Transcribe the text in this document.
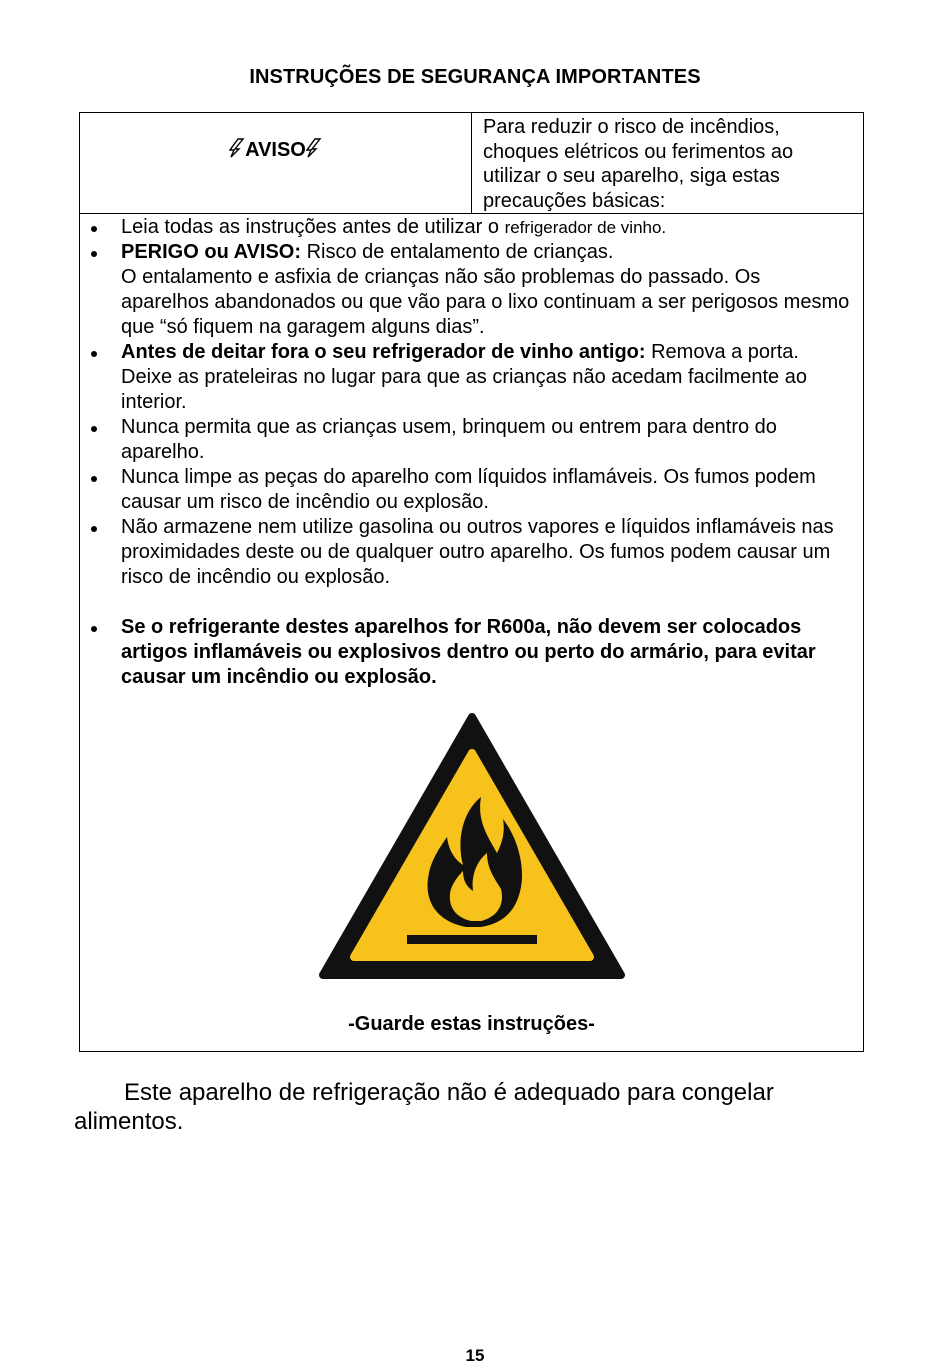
INSTRUÇÕES DE SEGURANÇA IMPORTANTES
AVISO
Para reduzir o risco de incêndios, choques elétricos ou ferimentos ao utilizar o seu aparelho, siga estas precauções básicas:
Leia todas as instruções antes de utilizar o refrigerador de vinho.
PERIGO ou AVISO: Risco de entalamento de crianças.
O entalamento e asfixia de crianças não são problemas do passado. Os aparelhos abandonados ou que vão para o lixo continuam a ser perigosos mesmo que “só fiquem na garagem alguns dias”.
Antes de deitar fora o seu refrigerador de vinho antigo: Remova a porta. Deixe as prateleiras no lugar para que as crianças não acedam facilmente ao interior.
Nunca permita que as crianças usem, brinquem ou entrem para dentro do aparelho.
Nunca limpe as peças do aparelho com líquidos inflamáveis. Os fumos podem causar um risco de incêndio ou explosão.
Não armazene nem utilize gasolina ou outros vapores e líquidos inflamáveis nas proximidades deste ou de qualquer outro aparelho. Os fumos podem causar um risco de incêndio ou explosão.
Se o refrigerante destes aparelhos for R600a, não devem ser colocados artigos inflamáveis ou explosivos dentro ou perto do armário, para evitar causar um incêndio ou explosão.
-Guarde estas instruções-
Este aparelho de refrigeração não é adequado para congelar alimentos.
15
